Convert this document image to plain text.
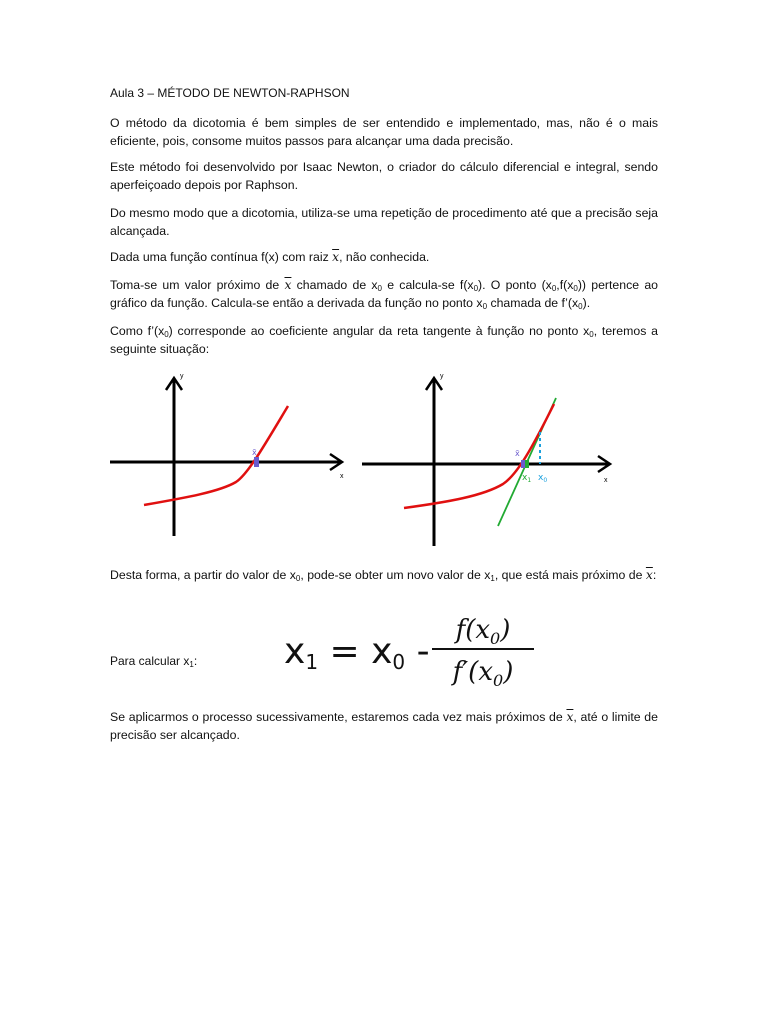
Aula 3 – MÉTODO DE NEWTON-RAPHSON

O método da dicotomia é bem simples de ser entendido e implementado, mas, não é o mais eficiente, pois, consome muitos passos para alcançar uma dada precisão.

Este método foi desenvolvido por Isaac Newton, o criador do cálculo diferencial e integral, sendo aperfeiçoado depois por Raphson.

Do mesmo modo que a dicotomia, utiliza-se uma repetição de procedimento até que a precisão seja alcançada.

Dada uma função contínua f(x) com raiz $\overline{x}$, não conhecida.

Toma-se um valor próximo de $\overline{x}$ chamado de $x_0$ e calcula-se $f(x_0)$. O ponto $(x_0,f(x_0))$ pertence ao gráfico da função. Calcula-se então a derivada da função no ponto $x_0$ chamada de $f’(x_0)$.

Como $f’(x_0)$ corresponde ao coeficiente angular da reta tangente à função no ponto $x_0$, teremos a seguinte situação:

y
x
x̄
y
x
x̄
$x_1$ $x_0$

Desta forma, a partir do valor de $x_0$, pode-se obter um novo valor de $x_1$, que está mais próximo de $\overline{x}$:

Para calcular $x_1$: $x1 = x0 - \frac{f(x_0)}{f'(x_0)}$

Se aplicarmos o processo sucessivamente, estaremos cada vez mais próximos de $\overline{x}$, até o limite de precisão ser alcançado.
